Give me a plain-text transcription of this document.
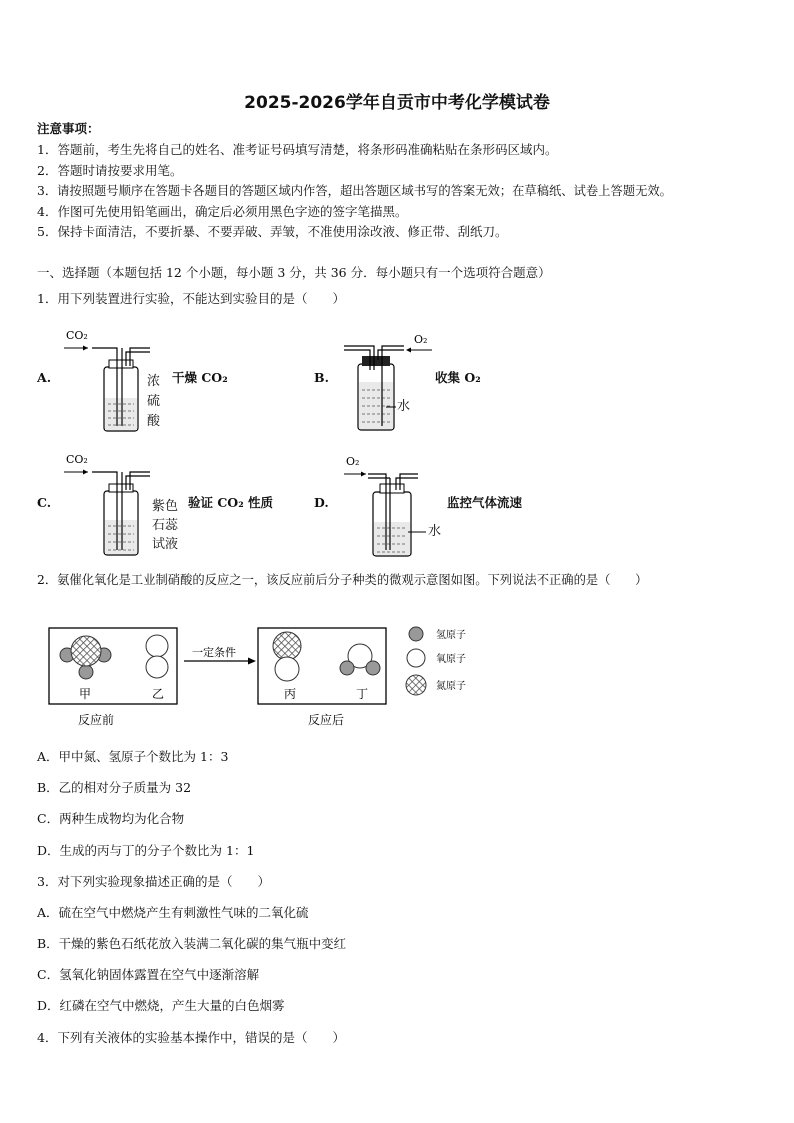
2025-2026学年自贡市中考化学模试卷
注意事项：
1．答题前，考生先将自己的姓名、准考证号码填写清楚，将条形码准确粘贴在条形码区域内。
2．答题时请按要求用笔。
3．请按照题号顺序在答题卡各题目的答题区域内作答，超出答题区域书写的答案无效；在草稿纸、试卷上答题无效。
4．作图可先使用铅笔画出，确定后必须用黑色字迹的签字笔描黑。
5．保持卡面清洁，不要折暴、不要弄破、弄皱，不准使用涂改液、修正带、刮纸刀。
一、选择题（本题包括 12 个小题，每小题 3 分，共 36 分．每小题只有一个选项符合题意）
1．用下列装置进行实验，不能达到实验目的是（　　）
A.
CO₂
浓
硫
酸
干燥 CO₂	B.
O₂
水
收集 O₂
C.
CO₂
紫色
石蕊
试液
验证 CO₂ 性质	D.
O₂
水
监控气体流速
2．氨催化氧化是工业制硝酸的反应之一，该反应前后分子种类的微观示意图如图。下列说法不正确的是（　　）
甲	乙
一定条件
丙	丁
反应前	反应后
氢原子
氧原子
氮原子
A．甲中氮、氢原子个数比为 1：3
B．乙的相对分子质量为 32
C．两种生成物均为化合物
D．生成的丙与丁的分子个数比为 1：1
3．对下列实验现象描述正确的是（　　）
A．硫在空气中燃烧产生有刺激性气味的二氧化硫
B．干燥的紫色石纸花放入装满二氧化碳的集气瓶中变红
C．氢氧化钠固体露置在空气中逐渐溶解
D．红磷在空气中燃烧，产生大量的白色烟雾
4．下列有关液体的实验基本操作中，错误的是（　　）
